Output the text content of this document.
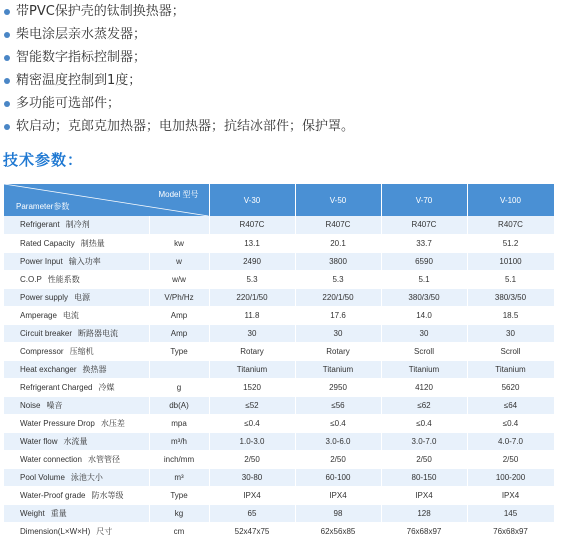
带PVC保护壳的钛制换热器；
柴电涂层亲水蒸发器；
智能数字指标控制器；
精密温度控制到1度；
多功能可选部件；
软启动；克郎克加热器；电加热器；抗结冰部件；保护罩。
技术参数：
Model 型号
Parameter参数		V-30	V-50	V-70	V-100
Refrigerant 制冷剂		R407C	R407C	R407C	R407C
Rated Capacity 制热量	kw	13.1	20.1	33.7	51.2
Power Input 输入功率	w	2490	3800	6590	10100
C.O.P 性能系数	w/w	5.3	5.3	5.1	5.1
Power supply 电源	V/Ph/Hz	220/1/50	220/1/50	380/3/50	380/3/50
Amperage 电流	Amp	11.8	17.6	14.0	18.5
Circuit breaker 断路器电流	Amp	30	30	30	30
Compressor 压缩机	Type	Rotary	Rotary	Scroll	Scroll
Heat exchanger 换热器		Titanium	Titanium	Titanium	Titanium
Refrigerant Charged 冷媒	g	1520	2950	4120	5620
Noise 噪音	db(A)	≤52	≤56	≤62	≤64
Water Pressure Drop 水压差	mpa	≤0.4	≤0.4	≤0.4	≤0.4
Water flow 水流量	m³/h	1.0-3.0	3.0-6.0	3.0-7.0	4.0-7.0
Water connection 水管管径	inch/mm	2/50	2/50	2/50	2/50
Pool Volume 泳池大小	m³	30-80	60-100	80-150	100-200
Water-Proof grade 防水等级	Type	IPX4	IPX4	IPX4	IPX4
Weight 重量	kg	65	98	128	145
Dimension(L×W×H) 尺寸	cm	52x47x75	62x56x85	76x68x97	76x68x97
